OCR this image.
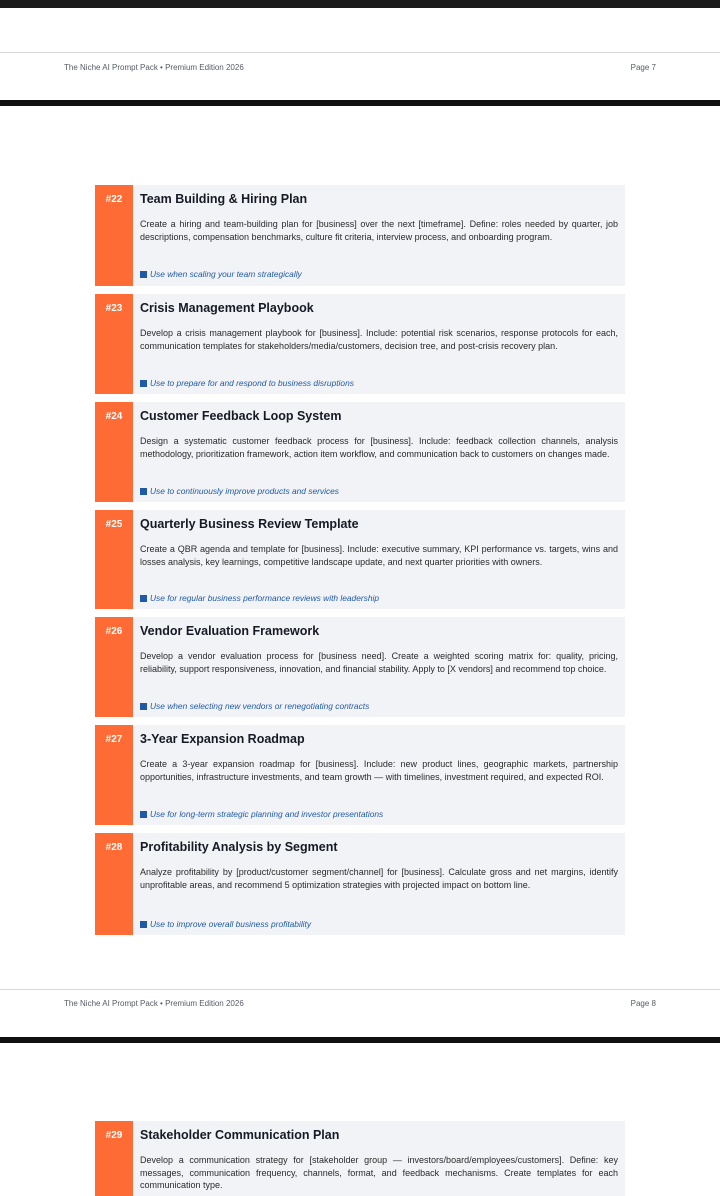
The Niche AI Prompt Pack • Premium Edition 2026	Page 7
#22	Team Building & Hiring Plan
Create a hiring and team-building plan for [business] over the next [timeframe]. Define: roles needed by quarter, job descriptions, compensation benchmarks, culture fit criteria, interview process, and onboarding program.
Use when scaling your team strategically
#23	Crisis Management Playbook
Develop a crisis management playbook for [business]. Include: potential risk scenarios, response protocols for each, communication templates for stakeholders/media/customers, decision tree, and post-crisis recovery plan.
Use to prepare for and respond to business disruptions
#24	Customer Feedback Loop System
Design a systematic customer feedback process for [business]. Include: feedback collection channels, analysis methodology, prioritization framework, action item workflow, and communication back to customers on changes made.
Use to continuously improve products and services
#25	Quarterly Business Review Template
Create a QBR agenda and template for [business]. Include: executive summary, KPI performance vs. targets, wins and losses analysis, key learnings, competitive landscape update, and next quarter priorities with owners.
Use for regular business performance reviews with leadership
#26	Vendor Evaluation Framework
Develop a vendor evaluation process for [business need]. Create a weighted scoring matrix for: quality, pricing, reliability, support responsiveness, innovation, and financial stability. Apply to [X vendors] and recommend top choice.
Use when selecting new vendors or renegotiating contracts
#27	3-Year Expansion Roadmap
Create a 3-year expansion roadmap for [business]. Include: new product lines, geographic markets, partnership opportunities, infrastructure investments, and team growth — with timelines, investment required, and expected ROI.
Use for long-term strategic planning and investor presentations
#28	Profitability Analysis by Segment
Analyze profitability by [product/customer segment/channel] for [business]. Calculate gross and net margins, identify unprofitable areas, and recommend 5 optimization strategies with projected impact on bottom line.
Use to improve overall business profitability
The Niche AI Prompt Pack • Premium Edition 2026	Page 8
#29	Stakeholder Communication Plan
Develop a communication strategy for [stakeholder group — investors/board/employees/customers]. Define: key messages, communication frequency, channels, format, and feedback mechanisms. Create templates for each communication type.
